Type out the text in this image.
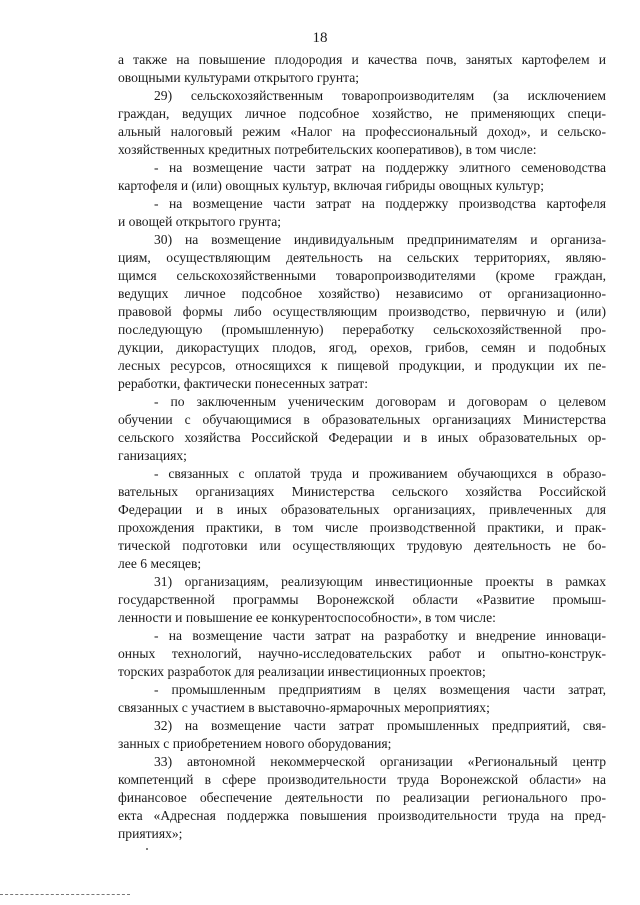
18
а также на повышение плодородия и качества почв, занятых картофелем и
овощными культурами открытого грунта;
29) сельскохозяйственным товаропроизводителям (за исключением
граждан, ведущих личное подсобное хозяйство, не применяющих специ-
альный налоговый режим «Налог на профессиональный доход», и сельско-
хозяйственных кредитных потребительских кооперативов), в том числе:
- на возмещение части затрат на поддержку элитного семеноводства
картофеля и (или) овощных культур, включая гибриды овощных культур;
- на возмещение части затрат на поддержку производства картофеля
и овощей открытого грунта;
30) на возмещение индивидуальным предпринимателям и организа-
циям, осуществляющим деятельность на сельских территориях, являю-
щимся сельскохозяйственными товаропроизводителями (кроме граждан,
ведущих личное подсобное хозяйство) независимо от организационно-
правовой формы либо осуществляющим производство, первичную и (или)
последующую (промышленную) переработку сельскохозяйственной про-
дукции, дикорастущих плодов, ягод, орехов, грибов, семян и подобных
лесных ресурсов, относящихся к пищевой продукции, и продукции их пе-
реработки, фактически понесенных затрат:
- по заключенным ученическим договорам и договорам о целевом
обучении с обучающимися в образовательных организациях Министерства
сельского хозяйства Российской Федерации и в иных образовательных ор-
ганизациях;
- связанных с оплатой труда и проживанием обучающихся в образо-
вательных организациях Министерства сельского хозяйства Российской
Федерации и в иных образовательных организациях, привлеченных для
прохождения практики, в том числе производственной практики, и прак-
тической подготовки или осуществляющих трудовую деятельность не бо-
лее 6 месяцев;
31) организациям, реализующим инвестиционные проекты в рамках
государственной программы Воронежской области «Развитие промыш-
ленности и повышение ее конкурентоспособности», в том числе:
- на возмещение части затрат на разработку и внедрение инноваци-
онных технологий, научно-исследовательских работ и опытно-конструк-
торских разработок для реализации инвестиционных проектов;
- промышленным предприятиям в целях возмещения части затрат,
связанных с участием в выставочно-ярмарочных мероприятиях;
32) на возмещение части затрат промышленных предприятий, свя-
занных с приобретением нового оборудования;
33) автономной некоммерческой организации «Региональный центр
компетенций в сфере производительности труда Воронежской области» на
финансовое обеспечение деятельности по реализации регионального про-
екта «Адресная поддержка повышения производительности труда на пред-
приятиях»;
